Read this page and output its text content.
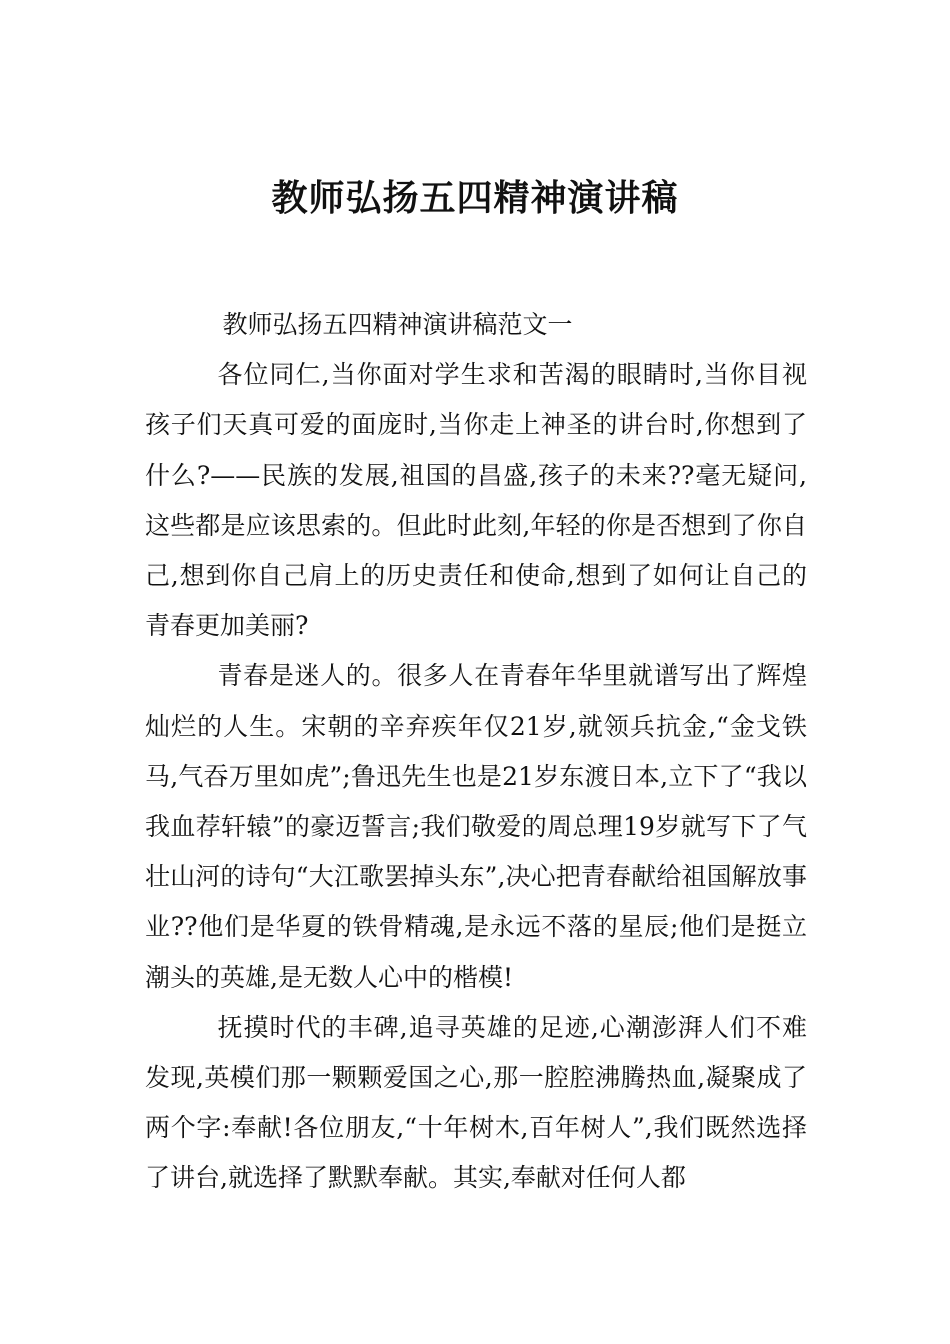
教师弘扬五四精神演讲稿

教师弘扬五四精神演讲稿范文一

各位同仁,当你面对学生求和苦渴的眼睛时,当你目视孩子们天真可爱的面庞时,当你走上神圣的讲台时,你想到了什么?——民族的发展,祖国的昌盛,孩子的未来??毫无疑问,这些都是应该思索的。但此时此刻,年轻的你是否想到了你自己,想到你自己肩上的历史责任和使命,想到了如何让自己的青春更加美丽?

青春是迷人的。很多人在青春年华里就谱写出了辉煌灿烂的人生。宋朝的辛弃疾年仅21岁,就领兵抗金,“金戈铁马,气吞万里如虎”;鲁迅先生也是21岁东渡日本,立下了“我以我血荐轩辕”的豪迈誓言;我们敬爱的周总理19岁就写下了气壮山河的诗句“大江歌罢掉头东”,决心把青春献给祖国解放事业??他们是华夏的铁骨精魂,是永远不落的星辰;他们是挺立潮头的英雄,是无数人心中的楷模!

抚摸时代的丰碑,追寻英雄的足迹,心潮澎湃人们不难发现,英模们那一颗颗爱国之心,那一腔腔沸腾热血,凝聚成了两个字:奉献!各位朋友,“十年树木,百年树人”,我们既然选择了讲台,就选择了默默奉献。其实,奉献对任何人都
